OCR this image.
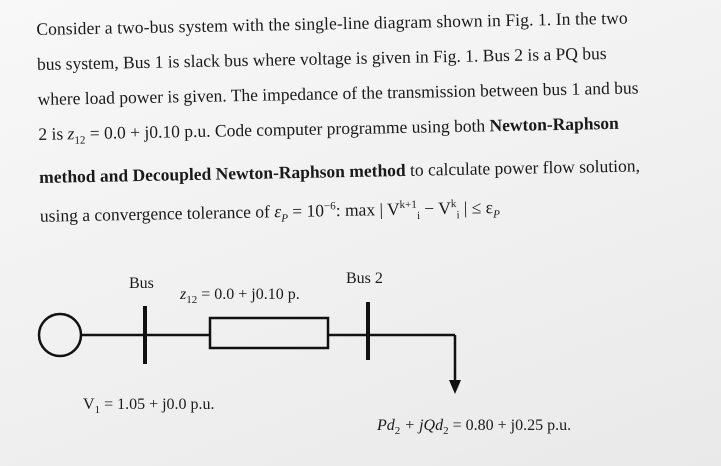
Consider a two-bus system with the single-line diagram shown in Fig. 1. In the two
bus system, Bus 1 is slack bus where voltage is given in Fig. 1. Bus 2 is a PQ bus
where load power is given. The impedance of the transmission between bus 1 and bus
2 is $z_{12} = 0.0 + j0.10$ p.u. Code computer programme using both Newton-Raphson
method and Decoupled Newton-Raphson method to calculate power flow solution,
using a convergence tolerance of $\varepsilon_P = 10^{-6}$: max | $V^{k+1}_i - V^k_i$ | ≤ $\varepsilon_P$
Bus	Bus 2
$z_{12} = 0.0 + j0.10$ p.
$V_1 = 1.05 + j0.0$ p.u.
$Pd_2 + jQd_2 = 0.80 + j0.25$ p.u.
